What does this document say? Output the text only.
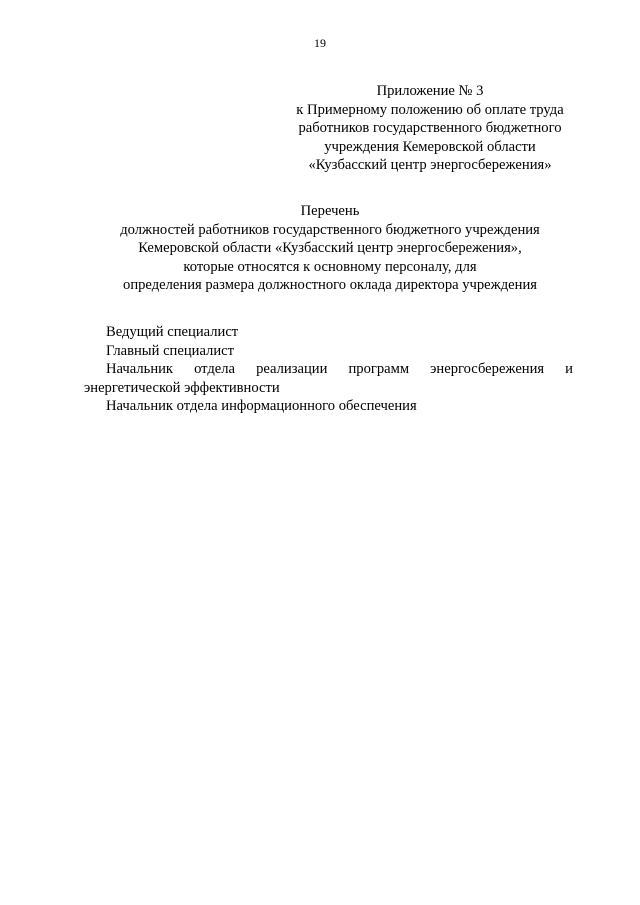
19
Приложение № 3
к Примерному положению об оплате труда
работников государственного бюджетного
учреждения Кемеровской области
«Кузбасский центр энергосбережения»
Перечень
должностей работников государственного бюджетного учреждения
Кемеровской области «Кузбасский центр энергосбережения»,
которые относятся к основному персоналу, для
определения размера должностного оклада директора учреждения
Ведущий специалист
Главный специалист
Начальник отдела реализации программ энергосбережения и энергетической эффективности
Начальник отдела информационного обеспечения
